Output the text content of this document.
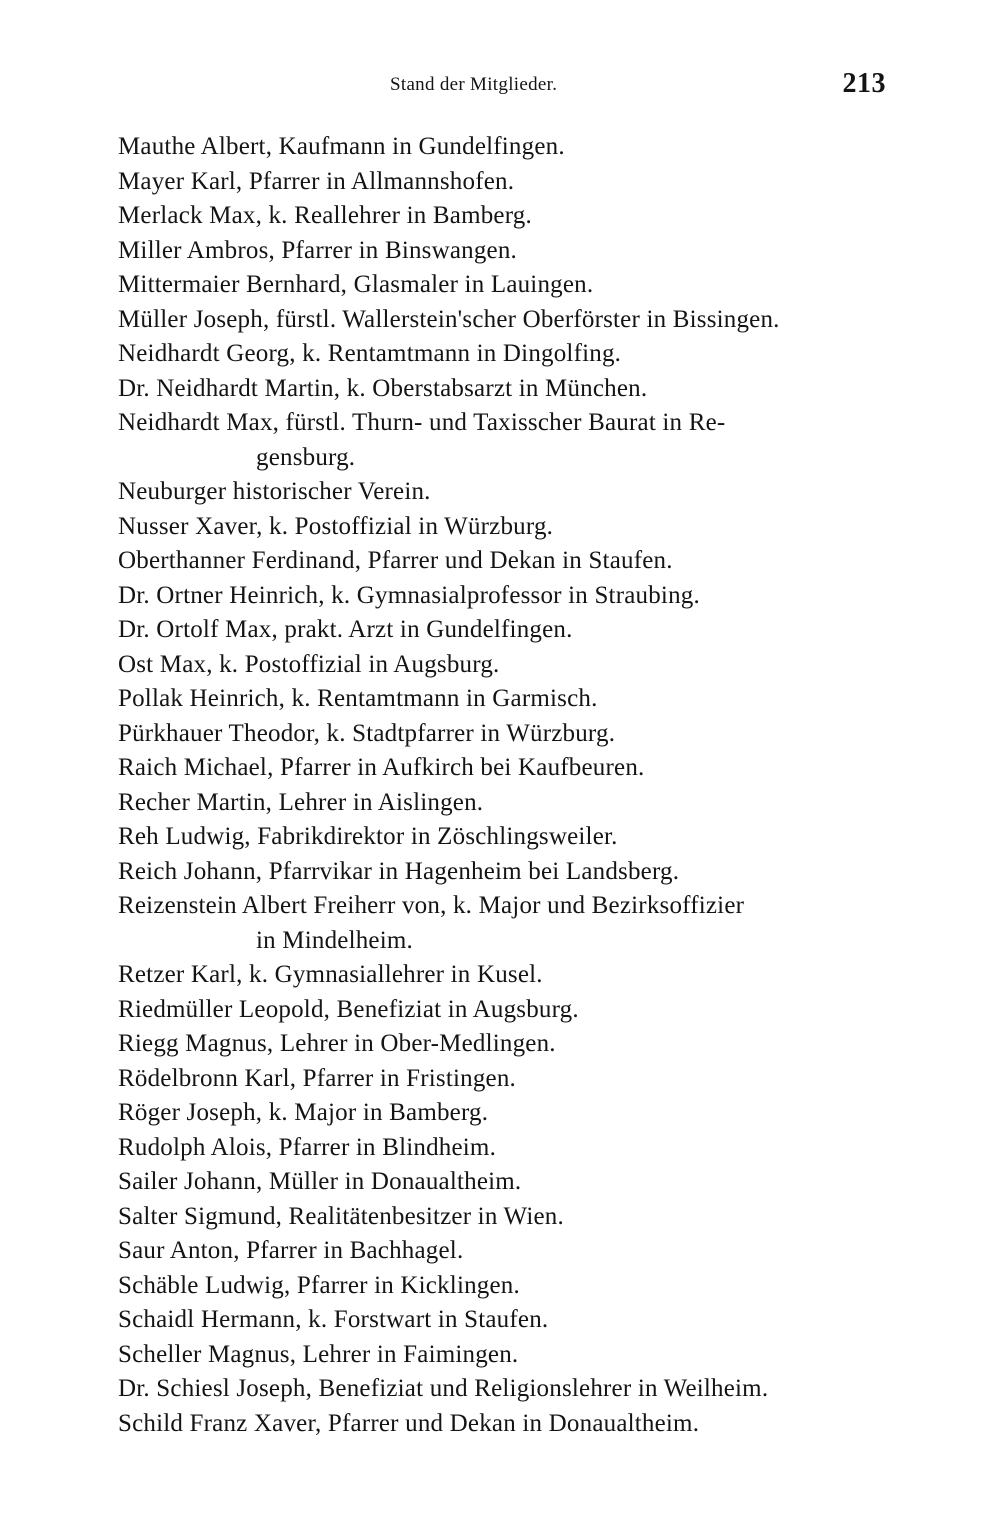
Stand der Mitglieder.	213
Mauthe Albert, Kaufmann in Gundelfingen.
Mayer Karl, Pfarrer in Allmannshofen.
Merlack Max, k. Reallehrer in Bamberg.
Miller Ambros, Pfarrer in Binswangen.
Mittermaier Bernhard, Glasmaler in Lauingen.
Müller Joseph, fürstl. Wallerstein'scher Oberförster in Bissingen.
Neidhardt Georg, k. Rentamtmann in Dingolfing.
Dr. Neidhardt Martin, k. Oberstabsarzt in München.
Neidhardt Max, fürstl. Thurn- und Taxisscher Baurat in Re-
gensburg.
Neuburger historischer Verein.
Nusser Xaver, k. Postoffizial in Würzburg.
Oberthanner Ferdinand, Pfarrer und Dekan in Staufen.
Dr. Ortner Heinrich, k. Gymnasialprofessor in Straubing.
Dr. Ortolf Max, prakt. Arzt in Gundelfingen.
Ost Max, k. Postoffizial in Augsburg.
Pollak Heinrich, k. Rentamtmann in Garmisch.
Pürkhauer Theodor, k. Stadtpfarrer in Würzburg.
Raich Michael, Pfarrer in Aufkirch bei Kaufbeuren.
Recher Martin, Lehrer in Aislingen.
Reh Ludwig, Fabrikdirektor in Zöschlingsweiler.
Reich Johann, Pfarrvikar in Hagenheim bei Landsberg.
Reizenstein Albert Freiherr von, k. Major und Bezirksoffizier
in Mindelheim.
Retzer Karl, k. Gymnasiallehrer in Kusel.
Riedmüller Leopold, Benefiziat in Augsburg.
Riegg Magnus, Lehrer in Ober-Medlingen.
Rödelbronn Karl, Pfarrer in Fristingen.
Röger Joseph, k. Major in Bamberg.
Rudolph Alois, Pfarrer in Blindheim.
Sailer Johann, Müller in Donaualtheim.
Salter Sigmund, Realitätenbesitzer in Wien.
Saur Anton, Pfarrer in Bachhagel.
Schäble Ludwig, Pfarrer in Kicklingen.
Schaidl Hermann, k. Forstwart in Staufen.
Scheller Magnus, Lehrer in Faimingen.
Dr. Schiesl Joseph, Benefiziat und Religionslehrer in Weilheim.
Schild Franz Xaver, Pfarrer und Dekan in Donaualtheim.
